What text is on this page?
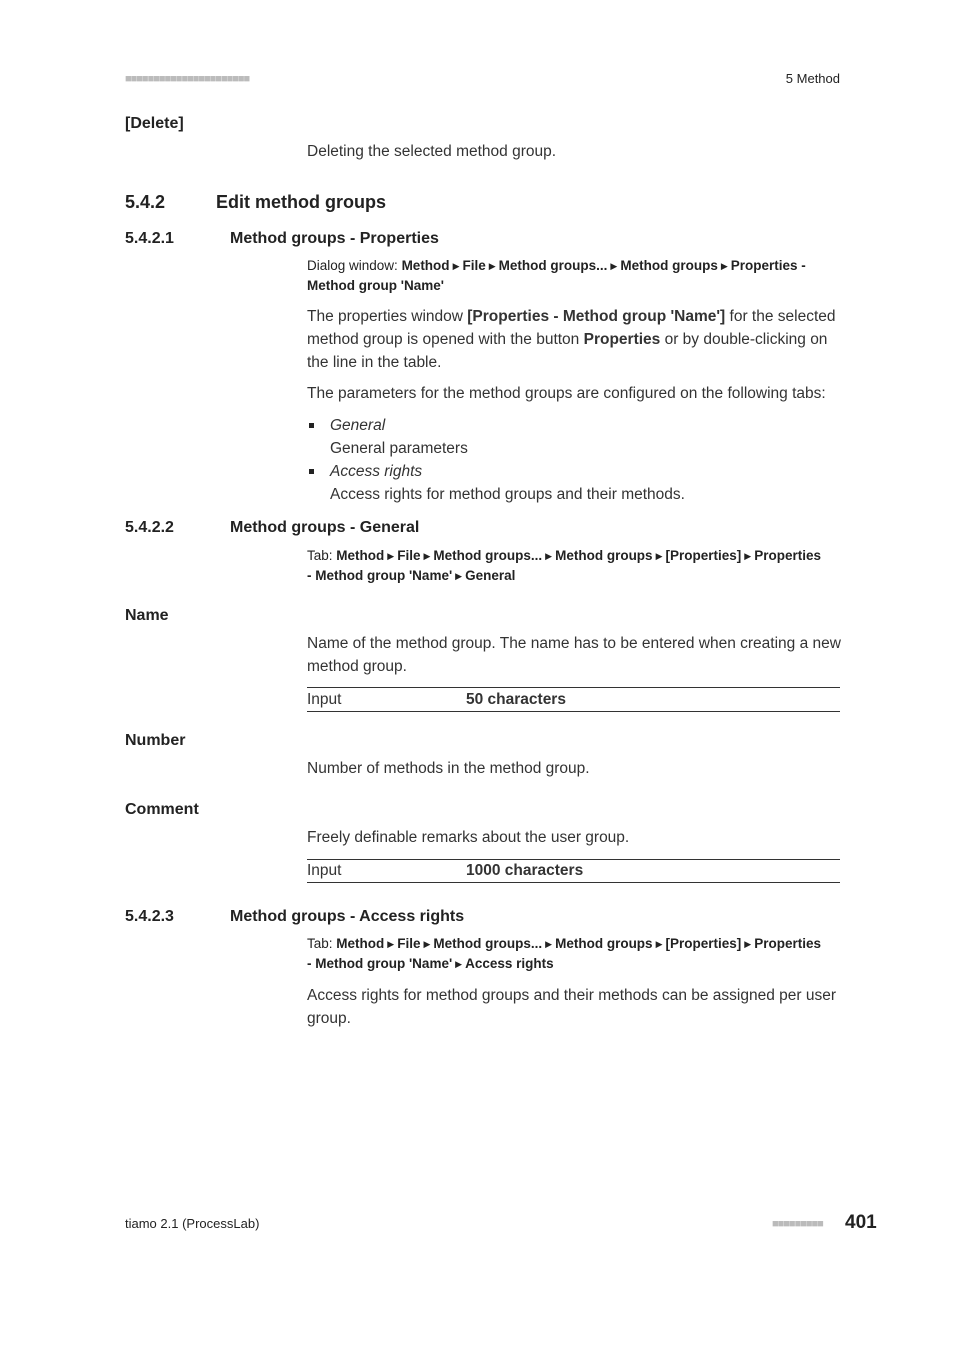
■■■■■■■■■■■■■■■■■■■■■■	5 Method
[Delete]
Deleting the selected method group.
5.4.2	Edit method groups
5.4.2.1	Method groups - Properties
Dialog window: Method ▶ File ▶ Method groups... ▶ Method groups ▶ Properties -
Method group 'Name'
The properties window [Properties - Method group 'Name'] for the selected method group is opened with the button Properties or by double-clicking on the line in the table.
The parameters for the method groups are configured on the following tabs:
General
General parameters
Access rights
Access rights for method groups and their methods.
5.4.2.2	Method groups - General
Tab: Method ▶ File ▶ Method groups... ▶ Method groups ▶ [Properties] ▶ Properties
- Method group 'Name' ▶ General
Name
Name of the method group. The name has to be entered when creating a new method group.
Input	50 characters
Number
Number of methods in the method group.
Comment
Freely definable remarks about the user group.
Input	1000 characters
5.4.2.3	Method groups - Access rights
Tab: Method ▶ File ▶ Method groups... ▶ Method groups ▶ [Properties] ▶ Properties
- Method group 'Name' ▶ Access rights
Access rights for method groups and their methods can be assigned per user group.
tiamo 2.1 (ProcessLab)	■■■■■■■■■ 401
